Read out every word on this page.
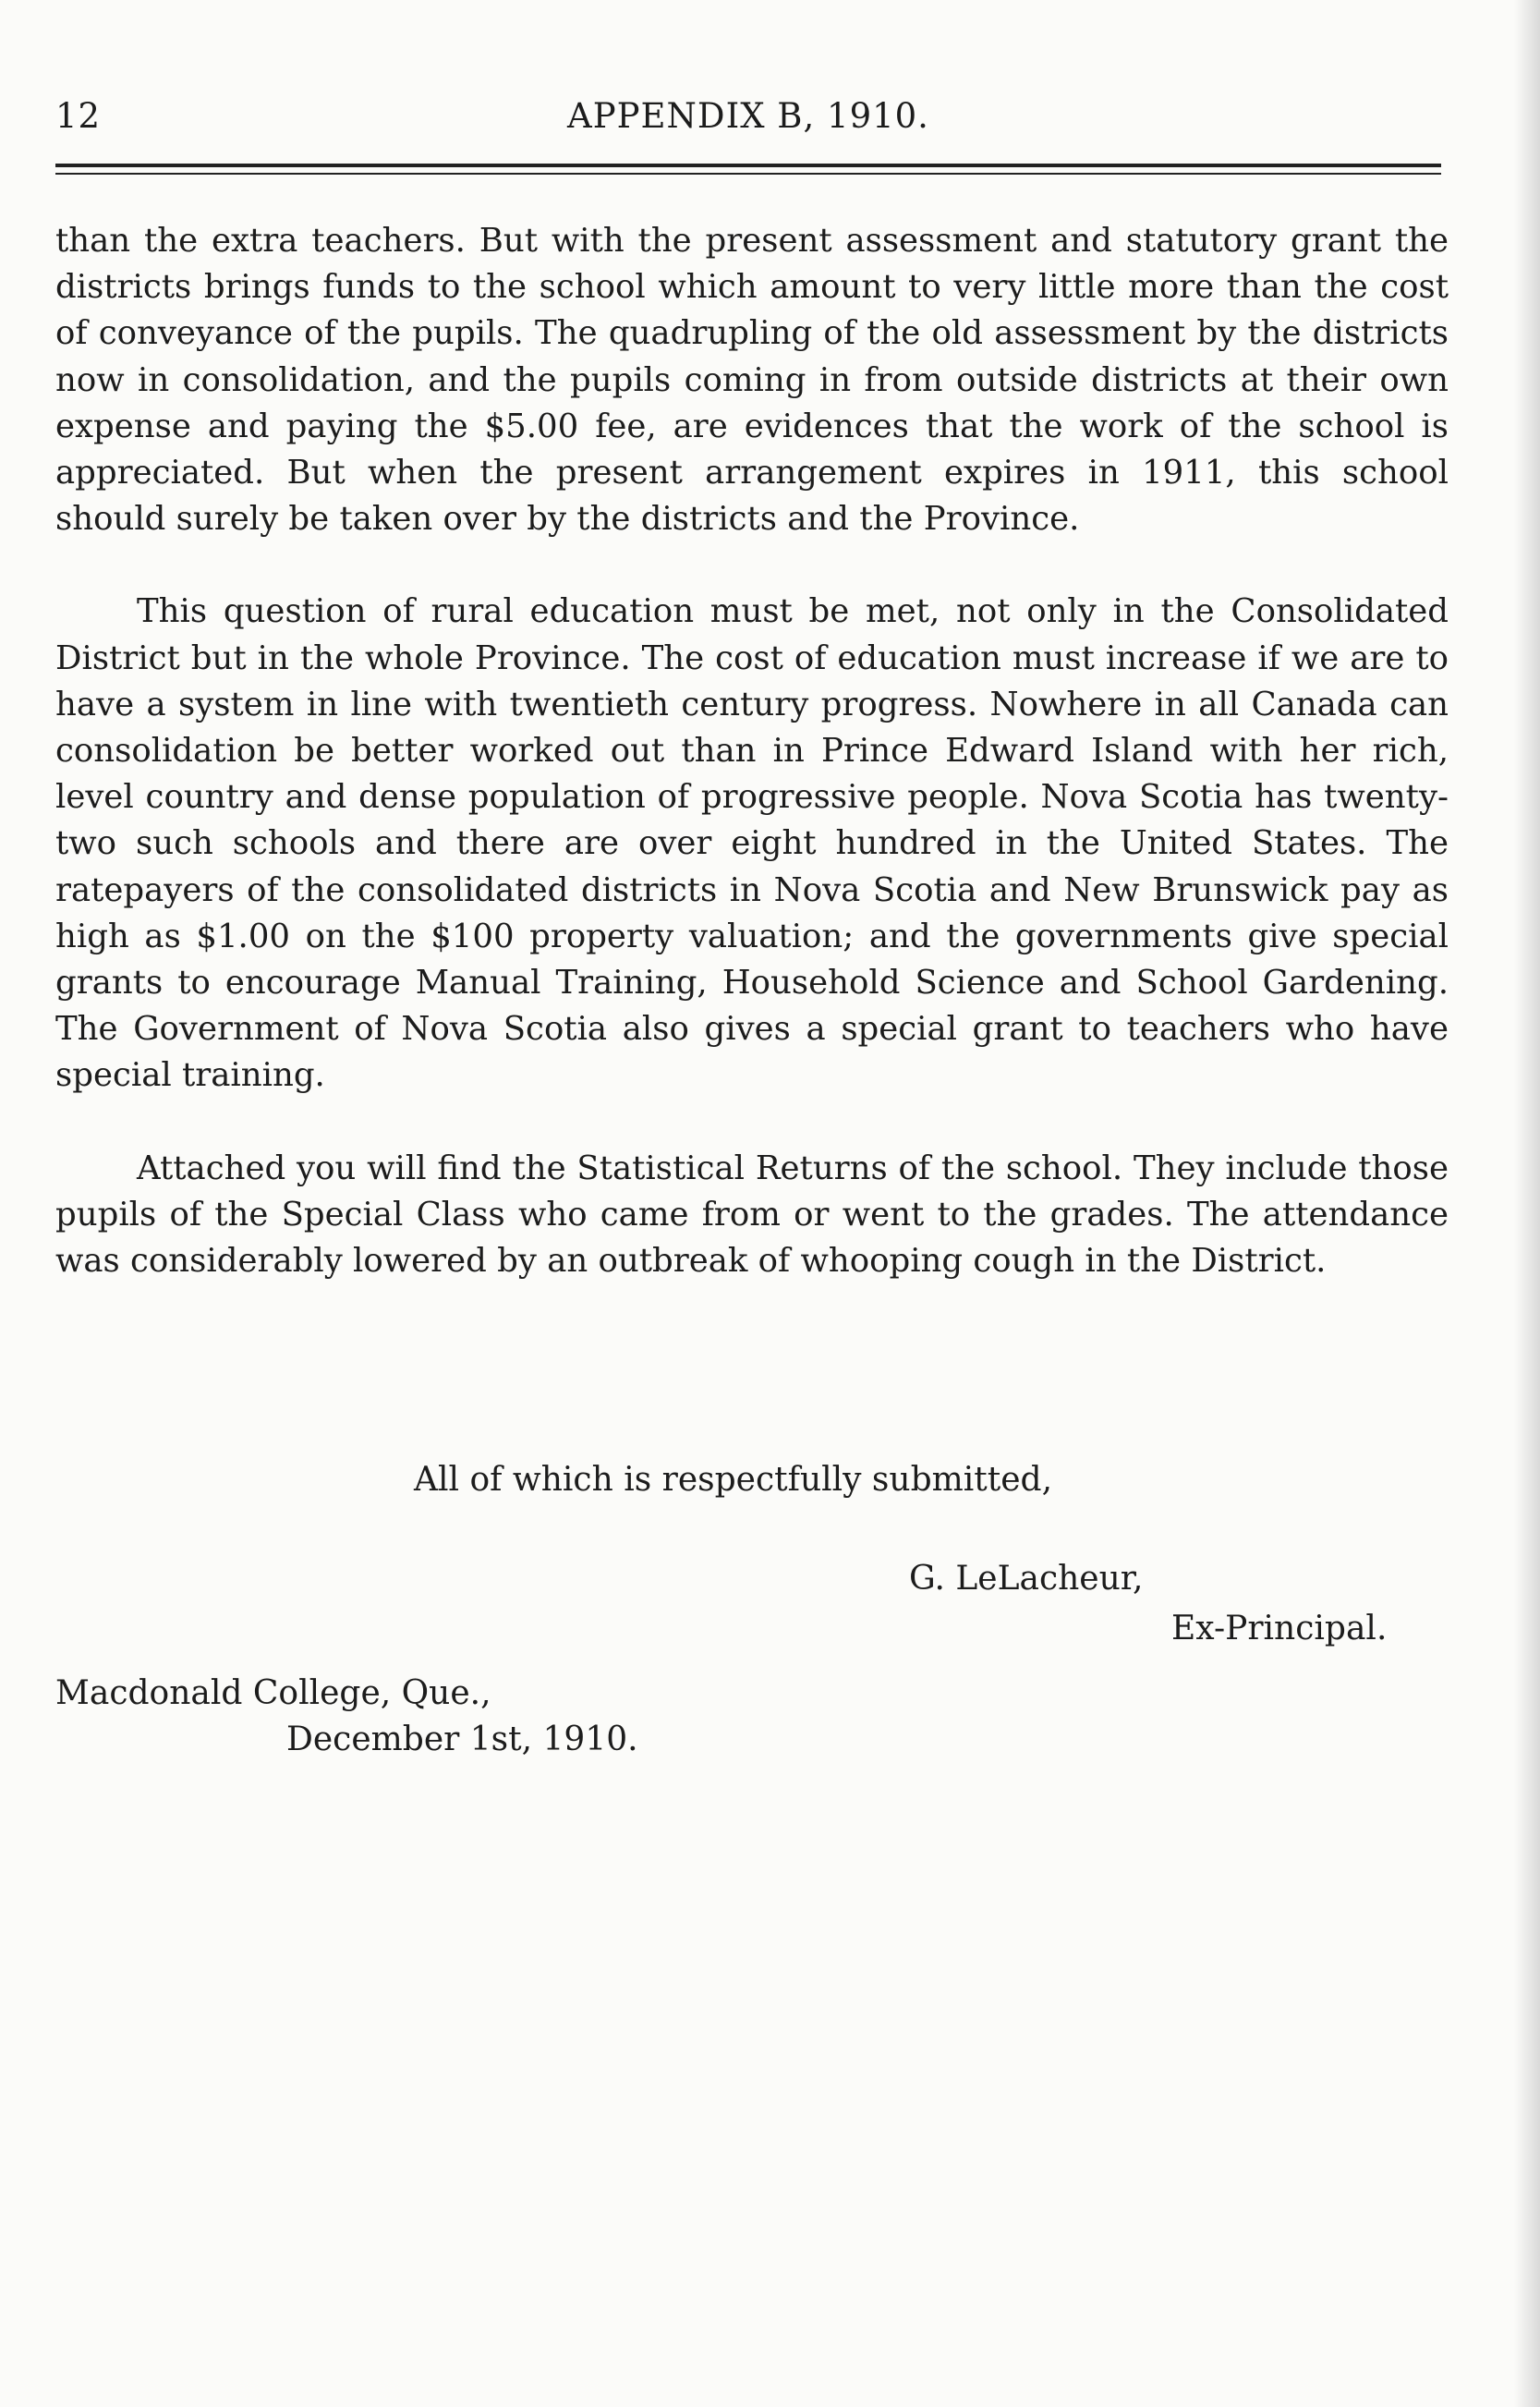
12	APPENDIX B, 1910.

than the extra teachers. But with the present assessment and statutory grant the districts brings funds to the school which amount to very little more than the cost of conveyance of the pupils. The quadrupling of the old assessment by the districts now in consolidation, and the pupils coming in from outside districts at their own expense and paying the $5.00 fee, are evidences that the work of the school is appreciated. But when the present arrangement expires in 1911, this school should surely be taken over by the districts and the Province.

This question of rural education must be met, not only in the Consolidated District but in the whole Province. The cost of education must increase if we are to have a system in line with twentieth century progress. Nowhere in all Canada can consolidation be better worked out than in Prince Edward Island with her rich, level country and dense population of progressive people. Nova Scotia has twenty-two such schools and there are over eight hundred in the United States. The ratepayers of the consolidated districts in Nova Scotia and New Brunswick pay as high as $1.00 on the $100 property valuation; and the governments give special grants to encourage Manual Training, Household Science and School Gardening. The Government of Nova Scotia also gives a special grant to teachers who have special training.

Attached you will find the Statistical Returns of the school. They include those pupils of the Special Class who came from or went to the grades. The attendance was considerably lowered by an outbreak of whooping cough in the District.

All of which is respectfully submitted,
G. LeLacheur,
Ex-Principal.
Macdonald College, Que.,
December 1st, 1910.
